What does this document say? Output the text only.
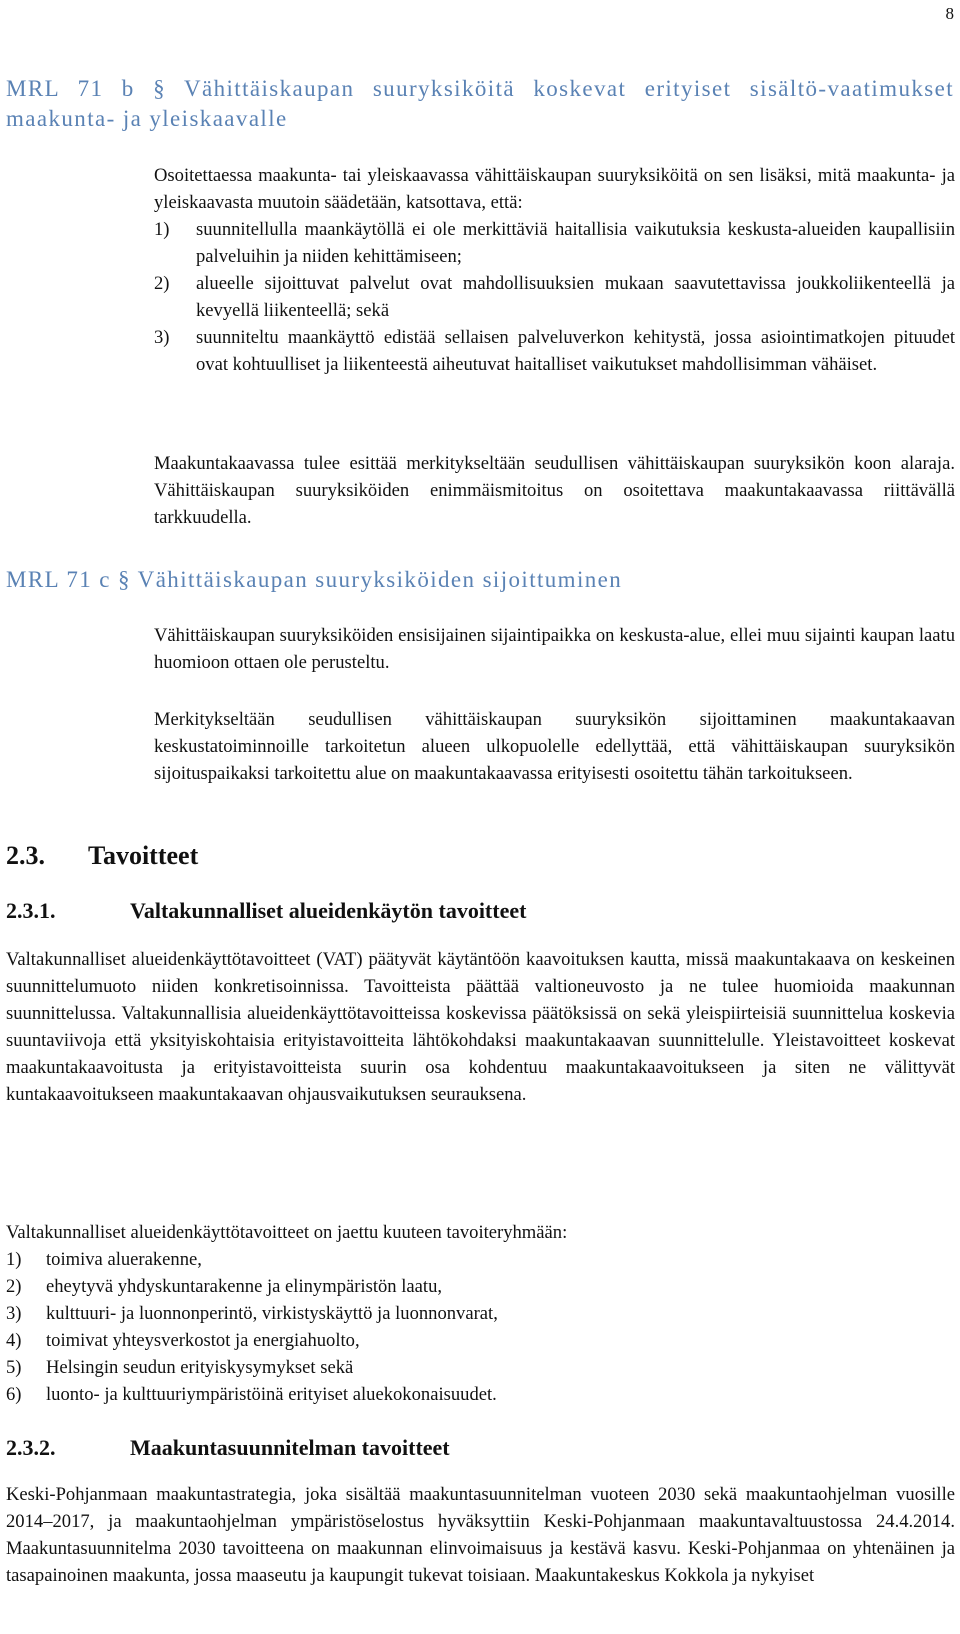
8
MRL 71 b § Vähittäiskaupan suuryksiköitä koskevat erityiset sisältö-vaatimukset maakunta- ja yleiskaavalle
Osoitettaessa maakunta- tai yleiskaavassa vähittäiskaupan suuryksiköitä on sen lisäksi, mitä maakunta- ja yleiskaavasta muutoin säädetään, katsottava, että:
1)	suunnitellulla maankäytöllä ei ole merkittäviä haitallisia vaikutuksia keskusta-alueiden kaupallisiin palveluihin ja niiden kehittämiseen;
2)	alueelle sijoittuvat palvelut ovat mahdollisuuksien mukaan saavutettavissa joukkoliikenteellä ja kevyellä liikenteellä; sekä
3)	suunniteltu maankäyttö edistää sellaisen palveluverkon kehitystä, jossa asiointimatkojen pituudet ovat kohtuulliset ja liikenteestä aiheutuvat haitalliset vaikutukset mahdollisimman vähäiset.

Maakuntakaavassa tulee esittää merkitykseltään seudullisen vähittäiskaupan suuryksikön koon alaraja. Vähittäiskaupan suuryksiköiden enimmäismitoitus on osoitettava maakuntakaavassa riittävällä tarkkuudella.

MRL 71 c § Vähittäiskaupan suuryksiköiden sijoittuminen

Vähittäiskaupan suuryksiköiden ensisijainen sijaintipaikka on keskusta-alue, ellei muu sijainti kaupan laatu huomioon ottaen ole perusteltu.

Merkitykseltään seudullisen vähittäiskaupan suuryksikön sijoittaminen maakuntakaavan keskustatoiminnoille tarkoitetun alueen ulkopuolelle edellyttää, että vähittäiskaupan suuryksikön sijoituspaikaksi tarkoitettu alue on maakuntakaavassa erityisesti osoitettu tähän tarkoitukseen.

2.3. Tavoitteet
2.3.1.	Valtakunnalliset alueidenkäytön tavoitteet

Valtakunnalliset alueidenkäyttötavoitteet (VAT) päätyvät käytäntöön kaavoituksen kautta, missä maakuntakaava on keskeinen suunnittelumuoto niiden konkretisoinnissa. Tavoitteista päättää valtioneuvosto ja ne tulee huomioida maakunnan suunnittelussa. Valtakunnallisia alueidenkäyttötavoitteissa koskevissa päätöksissä on sekä yleispiirteisiä suunnittelua koskevia suuntaviivoja että yksityiskohtaisia erityistavoitteita lähtökohdaksi maakuntakaavan suunnittelulle. Yleistavoitteet koskevat maakuntakaavoitusta ja erityistavoitteista suurin osa kohdentuu maakuntakaavoitukseen ja siten ne välittyvät kuntakaavoitukseen maakuntakaavan ohjausvaikutuksen seurauksena.

Valtakunnalliset alueidenkäyttötavoitteet on jaettu kuuteen tavoiteryhmään:
1)	toimiva aluerakenne,
2)	eheytyvä yhdyskuntarakenne ja elinympäristön laatu,
3)	kulttuuri- ja luonnonperintö, virkistyskäyttö ja luonnonvarat,
4)	toimivat yhteysverkostot ja energiahuolto,
5)	Helsingin seudun erityiskysymykset sekä
6)	luonto- ja kulttuuriympäristöinä erityiset aluekokonaisuudet.
2.3.2.	Maakuntasuunnitelman tavoitteet

Keski-Pohjanmaan maakuntastrategia, joka sisältää maakuntasuunnitelman vuoteen 2030 sekä maakuntaohjelman vuosille 2014–2017, ja maakuntaohjelman ympäristöselostus hyväksyttiin Keski-Pohjanmaan maakuntavaltuustossa 24.4.2014. Maakuntasuunnitelma 2030 tavoitteena on maakunnan elinvoimaisuus ja kestävä kasvu. Keski-Pohjanmaa on yhtenäinen ja tasapainoinen maakunta, jossa maaseutu ja kaupungit tukevat toisiaan. Maakuntakeskus Kokkola ja nykyiset
